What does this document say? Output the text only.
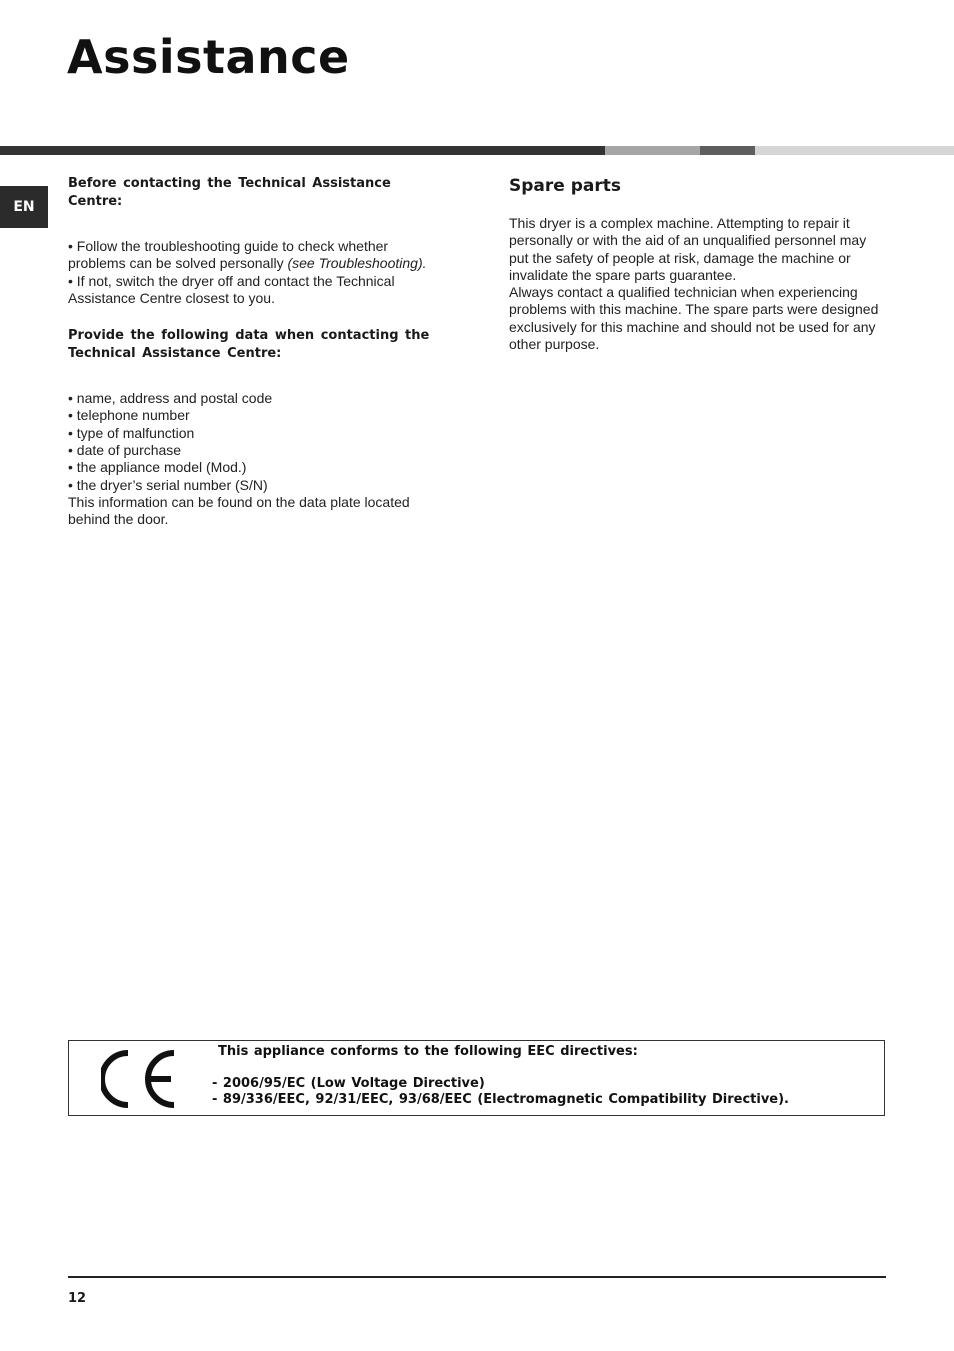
Assistance
EN

Before contacting the Technical Assistance Centre:

• Follow the troubleshooting guide to check whether problems can be solved personally (see Troubleshooting).

• If not, switch the dryer off and contact the Technical Assistance Centre closest to you.

Provide the following data when contacting the Technical Assistance Centre:

• name, address and postal code
• telephone number
• type of malfunction
• date of purchase
• the appliance model (Mod.)
• the dryer’s serial number (S/N)

This information can be found on the data plate located behind the door.

Spare parts

This dryer is a complex machine. Attempting to repair it personally or with the aid of an unqualified personnel may put the safety of people at risk, damage the machine or invalidate the spare parts guarantee.

Always contact a qualified technician when experiencing problems with this machine. The spare parts were designed exclusively for this machine and should not be used for any other purpose.

This appliance conforms to the following EEC directives:
- 2006/95/EC (Low Voltage Directive)
- 89/336/EEC, 92/31/EEC, 93/68/EEC (Electromagnetic Compatibility Directive).
12
